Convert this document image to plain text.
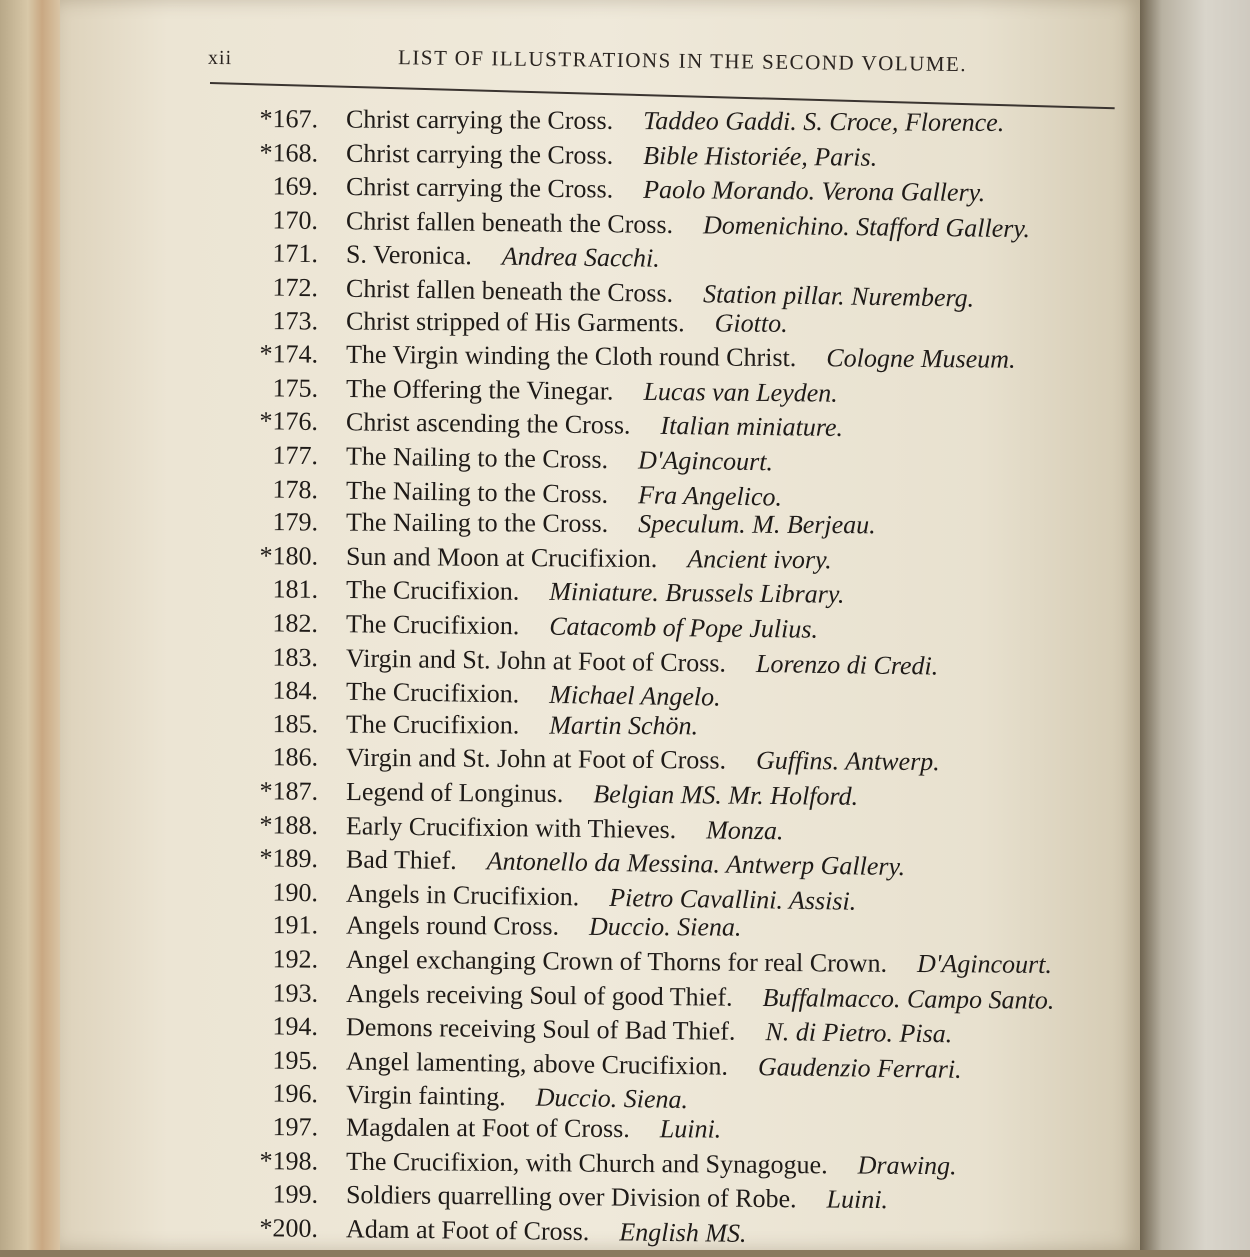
xii	LIST OF ILLUSTRATIONS IN THE SECOND VOLUME.
*167. Christ carrying the Cross. Taddeo Gaddi. S. Croce, Florence.
*168. Christ carrying the Cross. Bible Historiée, Paris.
169. Christ carrying the Cross. Paolo Morando. Verona Gallery.
170. Christ fallen beneath the Cross. Domenichino. Stafford Gallery.
171. S. Veronica. Andrea Sacchi.
172. Christ fallen beneath the Cross. Station pillar. Nuremberg.
173. Christ stripped of His Garments. Giotto.
*174. The Virgin winding the Cloth round Christ. Cologne Museum.
175. The Offering the Vinegar. Lucas van Leyden.
*176. Christ ascending the Cross. Italian miniature.
177. The Nailing to the Cross. D'Agincourt.
178. The Nailing to the Cross. Fra Angelico.
179. The Nailing to the Cross. Speculum. M. Berjeau.
*180. Sun and Moon at Crucifixion. Ancient ivory.
181. The Crucifixion. Miniature. Brussels Library.
182. The Crucifixion. Catacomb of Pope Julius.
183. Virgin and St. John at Foot of Cross. Lorenzo di Credi.
184. The Crucifixion. Michael Angelo.
185. The Crucifixion. Martin Schön.
186. Virgin and St. John at Foot of Cross. Guffins. Antwerp.
*187. Legend of Longinus. Belgian MS. Mr. Holford.
*188. Early Crucifixion with Thieves. Monza.
*189. Bad Thief. Antonello da Messina. Antwerp Gallery.
190. Angels in Crucifixion. Pietro Cavallini. Assisi.
191. Angels round Cross. Duccio. Siena.
192. Angel exchanging Crown of Thorns for real Crown. D'Agincourt.
193. Angels receiving Soul of good Thief. Buffalmacco. Campo Santo.
194. Demons receiving Soul of Bad Thief. N. di Pietro. Pisa.
195. Angel lamenting, above Crucifixion. Gaudenzio Ferrari.
196. Virgin fainting. Duccio. Siena.
197. Magdalen at Foot of Cross. Luini.
*198. The Crucifixion, with Church and Synagogue. Drawing.
199. Soldiers quarrelling over Division of Robe. Luini.
*200. Adam at Foot of Cross. English MS.
